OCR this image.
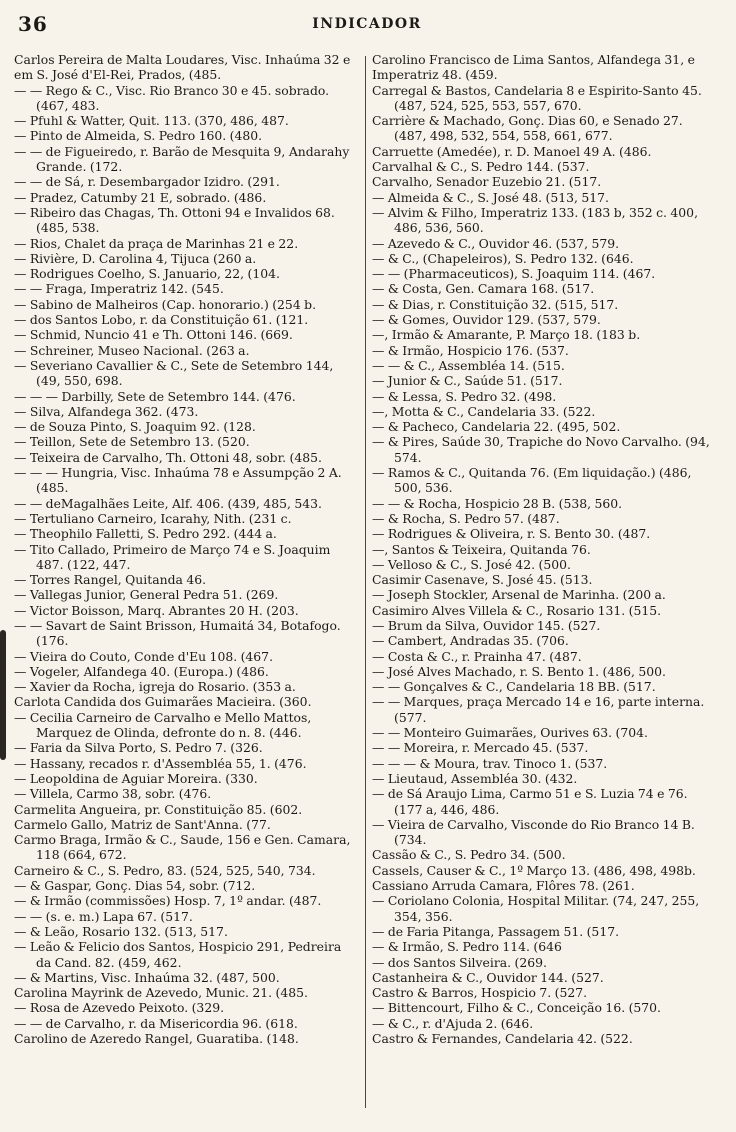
36	INDICADOR
Carlos Pereira de Malta Loudares, Visc. Inhaúma 32 e em S. José d'El-Rei, Prados, (485.
— — Rego & C., Visc. Rio Branco 30 e 45. sobrado. (467, 483.
— Pfuhl & Watter, Quit. 113. (370, 486, 487.
— Pinto de Almeida, S. Pedro 160. (480.
— — de Figueiredo, r. Barão de Mesquita 9, Andarahy Grande. (172.
— — de Sá, r. Desembargador Izidro. (291.
— Pradez, Catumby 21 E, sobrado. (486.
— Ribeiro das Chagas, Th. Ottoni 94 e Invalidos 68. (485, 538.
— Rios, Chalet da praça de Marinhas 21 e 22.
— Rivière, D. Carolina 4, Tijuca (260 a.
— Rodrigues Coelho, S. Januario, 22, (104.
— — Fraga, Imperatriz 142. (545.
— Sabino de Malheiros (Cap. honorario.) (254 b.
— dos Santos Lobo, r. da Constituição 61. (121.
— Schmid, Nuncio 41 e Th. Ottoni 146. (669.
— Schreiner, Museo Nacional. (263 a.
— Severiano Cavallier & C., Sete de Setembro 144, (49, 550, 698.
— — — Darbilly, Sete de Setembro 144. (476.
— Silva, Alfandega 362. (473.
— de Souza Pinto, S. Joaquim 92. (128.
— Teillon, Sete de Setembro 13. (520.
— Teixeira de Carvalho, Th. Ottoni 48, sobr. (485.
— — — Hungria, Visc. Inhaúma 78 e Assumpção 2 A. (485.
— — deMagalhães Leite, Alf. 406. (439, 485, 543.
— Tertuliano Carneiro, Icarahy, Nith. (231 c.
— Theophilo Falletti, S. Pedro 292. (444 a.
— Tito Callado, Primeiro de Março 74 e S. Joaquim 487. (122, 447.
— Torres Rangel, Quitanda 46.
— Vallegas Junior, General Pedra 51. (269.
— Victor Boisson, Marq. Abrantes 20 H. (203.
— — Savart de Saint Brisson, Humaitá 34, Botafogo. (176.
— Vieira do Couto, Conde d'Eu 108. (467.
— Vogeler, Alfandega 40. (Europa.) (486.
— Xavier da Rocha, igreja do Rosario. (353 a.
Carlota Candida dos Guimarães Macieira. (360.
— Cecilia Carneiro de Carvalho e Mello Mattos, Marquez de Olinda, defronte do n. 8. (446.
— Faria da Silva Porto, S. Pedro 7. (326.
— Hassany, recados r. d'Assembléa 55, 1. (476.
— Leopoldina de Aguiar Moreira. (330.
— Villela, Carmo 38, sobr. (476.
Carmelita Angueira, pr. Constituição 85. (602.
Carmelo Gallo, Matriz de Sant'Anna. (77.
Carmo Braga, Irmão & C., Saude, 156 e Gen. Camara, 118 (664, 672.
Carneiro & C., S. Pedro, 83. (524, 525, 540, 734.
— & Gaspar, Gonç. Dias 54, sobr. (712.
— & Irmão (commissões) Hosp. 7, 1º andar. (487.
— — (s. e. m.) Lapa 67. (517.
— & Leão, Rosario 132. (513, 517.
— Leão & Felicio dos Santos, Hospicio 291, Pedreira da Cand. 82. (459, 462.
— & Martins, Visc. Inhaúma 32. (487, 500.
Carolina Mayrink de Azevedo, Munic. 21. (485.
— Rosa de Azevedo Peixoto. (329.
— — de Carvalho, r. da Misericordia 96. (618.
Carolino de Azeredo Rangel, Guaratiba. (148.
Carolino Francisco de Lima Santos, Alfandega 31, e Imperatriz 48. (459.
Carregal & Bastos, Candelaria 8 e Espirito-Santo 45. (487, 524, 525, 553, 557, 670.
Carrière & Machado, Gonç. Dias 60, e Senado 27. (487, 498, 532, 554, 558, 661, 677.
Carruette (Amedée), r. D. Manoel 49 A. (486.
Carvalhal & C., S. Pedro 144. (537.
Carvalho, Senador Euzebio 21. (517.
— Almeida & C., S. José 48. (513, 517.
— Alvim & Filho, Imperatriz 133. (183 b, 352 c. 400, 486, 536, 560.
— Azevedo & C., Ouvidor 46. (537, 579.
— & C., (Chapeleiros), S. Pedro 132. (646.
— — (Pharmaceuticos), S. Joaquim 114. (467.
— & Costa, Gen. Camara 168. (517.
— & Dias, r. Constituição 32. (515, 517.
— & Gomes, Ouvidor 129. (537, 579.
—, Irmão & Amarante, P. Março 18. (183 b.
— & Irmão, Hospicio 176. (537.
— — & C., Assembléa 14. (515.
— Junior & C., Saúde 51. (517.
— & Lessa, S. Pedro 32. (498.
—, Motta & C., Candelaria 33. (522.
— & Pacheco, Candelaria 22. (495, 502.
— & Pires, Saúde 30, Trapiche do Novo Carvalho. (94, 574.
— Ramos & C., Quitanda 76. (Em liquidação.) (486, 500, 536.
— — & Rocha, Hospicio 28 B. (538, 560.
— & Rocha, S. Pedro 57. (487.
— Rodrigues & Oliveira, r. S. Bento 30. (487.
—, Santos & Teixeira, Quitanda 76.
— Velloso & C., S. José 42. (500.
Casimir Casenave, S. José 45. (513.
— Joseph Stockler, Arsenal de Marinha. (200 a.
Casimiro Alves Villela & C., Rosario 131. (515.
— Brum da Silva, Ouvidor 145. (527.
— Cambert, Andradas 35. (706.
— Costa & C., r. Prainha 47. (487.
— José Alves Machado, r. S. Bento 1. (486, 500.
— — Gonçalves & C., Candelaria 18 BB. (517.
— — Marques, praça Mercado 14 e 16, parte interna. (577.
— — Monteiro Guimarães, Ourives 63. (704.
— — Moreira, r. Mercado 45. (537.
— — — & Moura, trav. Tinoco 1. (537.
— Lieutaud, Assembléa 30. (432.
— de Sá Araujo Lima, Carmo 51 e S. Luzia 74 e 76. (177 a, 446, 486.
— Vieira de Carvalho, Visconde do Rio Branco 14 B. (734.
Cassão & C., S. Pedro 34. (500.
Cassels, Causer & C., 1º Março 13. (486, 498, 498b.
Cassiano Arruda Camara, Flôres 78. (261.
— Coriolano Colonia, Hospital Militar. (74, 247, 255, 354, 356.
— de Faria Pitanga, Passagem 51. (517.
— & Irmão, S. Pedro 114. (646
— dos Santos Silveira. (269.
Castanheira & C., Ouvidor 144. (527.
Castro & Barros, Hospicio 7. (527.
— Bittencourt, Filho & C., Conceição 16. (570.
— & C., r. d'Ajuda 2. (646.
Castro & Fernandes, Candelaria 42. (522.
